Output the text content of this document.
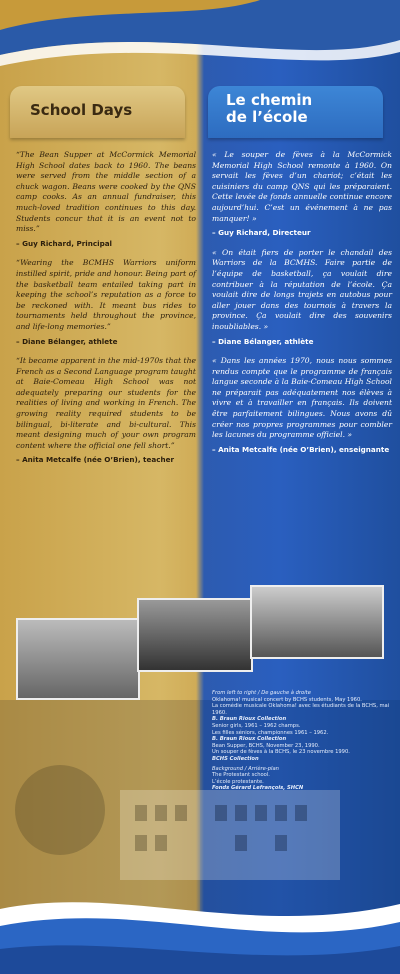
School Days
Le chemin
de l’école

“The Bean Supper at McCormick Memorial High School dates back to 1960. The beans were served from the middle section of a chuck wagon. Beans were cooked by the QNS camp cooks. As an annual fundraiser, this much-loved tradition continues to this day. Students concur that it is an event not to miss.”

– Guy Richard, Principal

“Wearing the BCMHS Warriors uniform instilled spirit, pride and honour. Being part of the basketball team entailed taking part in keeping the school’s reputation as a force to be reckoned with. It meant bus rides to tournaments held throughout the province, and life-long memories.”

– Diane Bélanger, athlete

“It became apparent in the mid-1970s that the French as a Second Language program taught at Baie-Comeau High School was not adequately preparing our students for the realities of living and working in French. The growing reality required students to be bilingual, bi-literate and bi-cultural. This meant designing much of your own program content where the official one fell short.”

– Anita Metcalfe (née O’Brien), teacher

« Le souper de fèves à la McCormick Memorial High School remonte à 1960. On servait les fèves d’un chariot; c’était les cuisiniers du camp QNS qui les préparaient. Cette levée de fonds annuelle continue encore aujourd’hui. C’est un événement à ne pas manquer! »

– Guy Richard, Directeur

« On était fiers de porter le chandail des Warriors de la BCMHS. Faire partie de l’équipe de basketball, ça voulait dire contribuer à la réputation de l’école. Ça voulait dire de longs trajets en autobus pour aller jouer dans des tournois à travers la province. Ça voulait dire des souvenirs inoubliables. »

– Diane Bélanger, athlète

« Dans les années 1970, nous nous sommes rendus compte que le programme de français langue seconde à la Baie-Comeau High School ne préparait pas adéquatement nos élèves à vivre et à travailler en français. Ils doivent être parfaitement bilingues. Nous avons dû créer nos propres programmes pour combler les lacunes du programme officiel. »

– Anita Metcalfe (née O’Brien), enseignante

From left to right / De gauche à droite
Oklahoma! musical concert by BCHS students, May 1960.
La comédie musicale Oklahoma! avec les étudiants de la BCHS, mai 1960.
B. Braun Rioux Collection
Senior girls, 1961 – 1962 champs.
Les filles séniors, championnes 1961 – 1962.
B. Braun Rioux Collection
Bean Supper, BCHS, November 23, 1990.
Un souper de fèves à la BCHS, le 23 novembre 1990.
BCHS Collection
Background / Arrière-plan
The Protestant school.
L’école protestante.
Fonds Gérard Lefrançois, SHCN
